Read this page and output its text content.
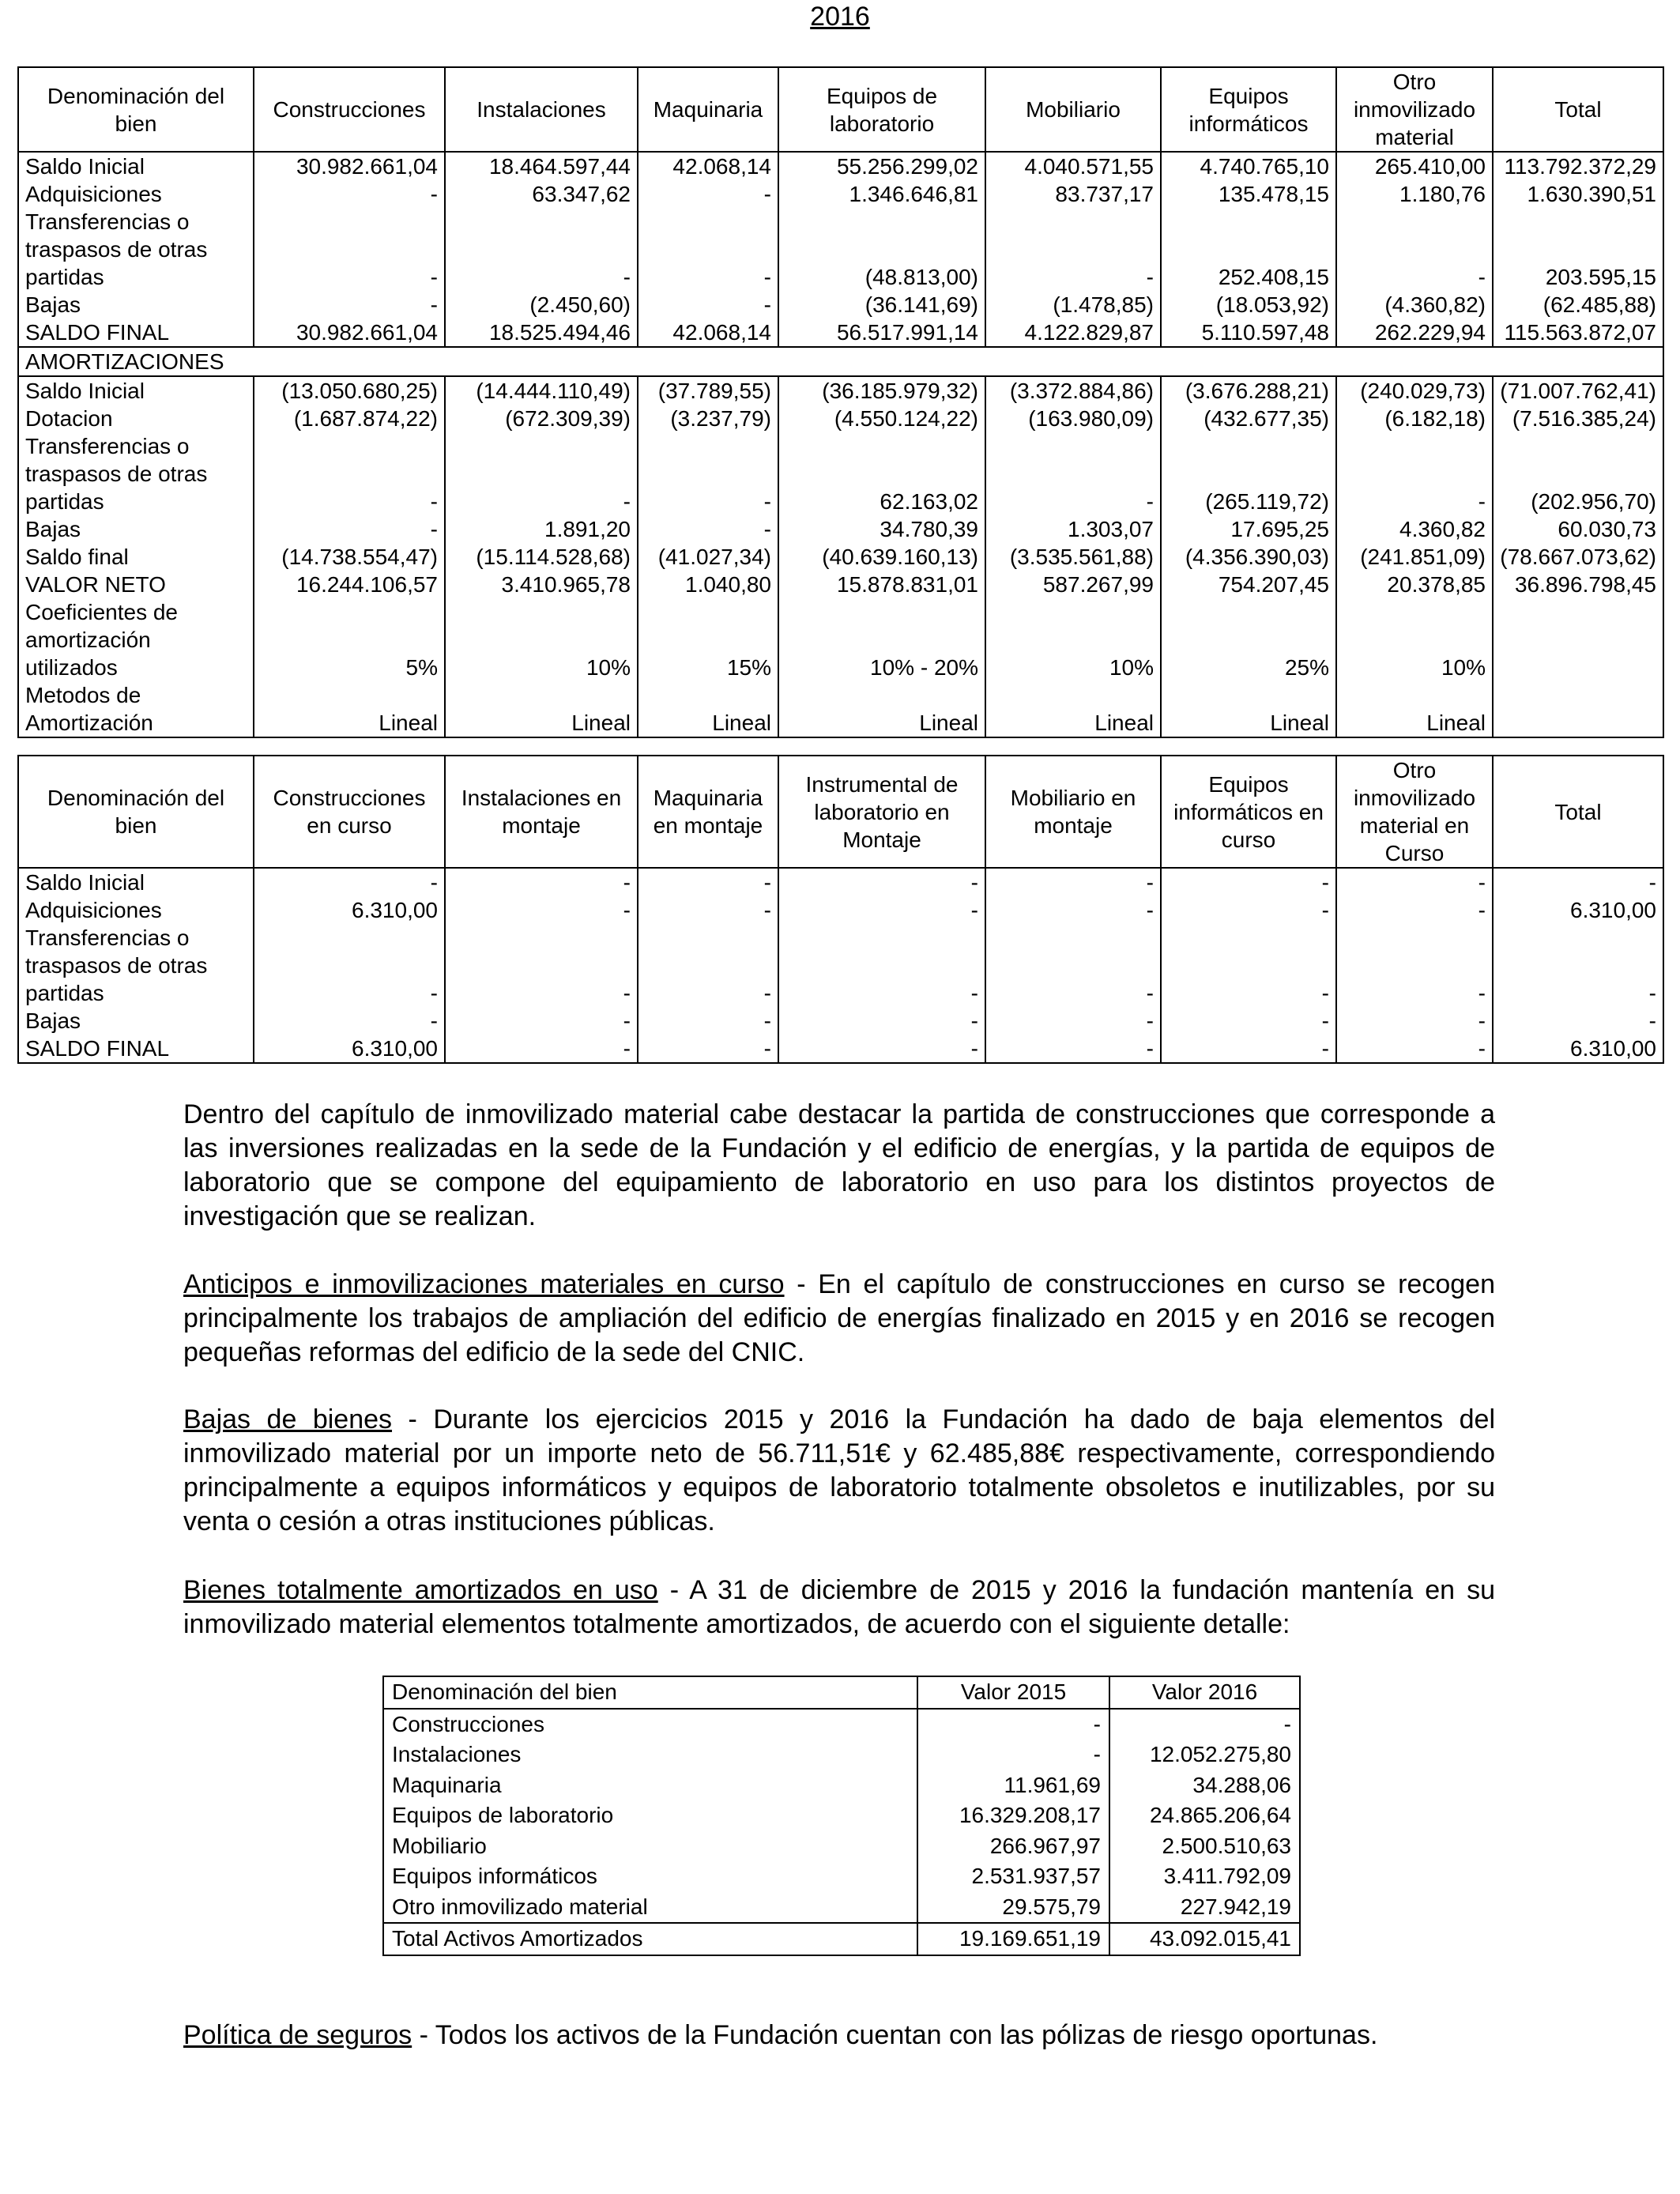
2016
Denominación del bien	Construcciones	Instalaciones	Maquinaria	Equipos de laboratorio	Mobiliario	Equipos informáticos	Otro inmovilizado material	Total
Saldo Inicial	30.982.661,04	18.464.597,44	42.068,14	55.256.299,02	4.040.571,55	4.740.765,10	265.410,00	113.792.372,29
Adquisiciones	-	63.347,62	-	1.346.646,81	83.737,17	135.478,15	1.180,76	1.630.390,51
Transferencias o traspasos de otras partidas	-	-	-	(48.813,00)	-	252.408,15	-	203.595,15
Bajas	-	(2.450,60)	-	(36.141,69)	(1.478,85)	(18.053,92)	(4.360,82)	(62.485,88)
SALDO FINAL	30.982.661,04	18.525.494,46	42.068,14	56.517.991,14	4.122.829,87	5.110.597,48	262.229,94	115.563.872,07
AMORTIZACIONES								
Saldo Inicial	(13.050.680,25)	(14.444.110,49)	(37.789,55)	(36.185.979,32)	(3.372.884,86)	(3.676.288,21)	(240.029,73)	(71.007.762,41)
Dotacion	(1.687.874,22)	(672.309,39)	(3.237,79)	(4.550.124,22)	(163.980,09)	(432.677,35)	(6.182,18)	(7.516.385,24)
Transferencias o traspasos de otras partidas	-	-	-	62.163,02	-	(265.119,72)	-	(202.956,70)
Bajas	-	1.891,20	-	34.780,39	1.303,07	17.695,25	4.360,82	60.030,73
Saldo final	(14.738.554,47)	(15.114.528,68)	(41.027,34)	(40.639.160,13)	(3.535.561,88)	(4.356.390,03)	(241.851,09)	(78.667.073,62)
VALOR NETO	16.244.106,57	3.410.965,78	1.040,80	15.878.831,01	587.267,99	754.207,45	20.378,85	36.896.798,45
Coeficientes de amortización utilizados	5%	10%	15%	10% - 20%	10%	25%	10%	
Metodos de Amortización	Lineal	Lineal	Lineal	Lineal	Lineal	Lineal	Lineal	
Denominación del bien	Construcciones en curso	Instalaciones en montaje	Maquinaria en montaje	Instrumental de laboratorio en Montaje	Mobiliario en montaje	Equipos informáticos en curso	Otro inmovilizado material en Curso	Total
Saldo Inicial	-	-	-	-	-	-	-	-
Adquisiciones	6.310,00	-	-	-	-	-	-	6.310,00
Transferencias o traspasos de otras partidas	-	-	-	-	-	-	-	-
Bajas	-	-	-	-	-	-	-	-
SALDO FINAL	6.310,00	-	-	-	-	-	-	6.310,00

Dentro del capítulo de inmovilizado material cabe destacar la partida de construcciones que corresponde a las inversiones realizadas en la sede de la Fundación y el edificio de energías, y la partida de equipos de laboratorio que se compone del equipamiento de laboratorio en uso para los distintos proyectos de investigación que se realizan.

Anticipos e inmovilizaciones materiales en curso - En el capítulo de construcciones en curso se recogen principalmente los trabajos de ampliación del edificio de energías finalizado en 2015 y en 2016 se recogen pequeñas reformas del edificio de la sede del CNIC.

Bajas de bienes - Durante los ejercicios 2015 y 2016 la Fundación ha dado de baja elementos del inmovilizado material por un importe neto de 56.711,51€ y 62.485,88€ respectivamente, correspondiendo principalmente a equipos informáticos y equipos de laboratorio totalmente obsoletos e inutilizables, por su venta o cesión a otras instituciones públicas.

Bienes totalmente amortizados en uso - A 31 de diciembre de 2015 y 2016 la fundación mantenía en su inmovilizado material elementos totalmente amortizados, de acuerdo con el siguiente detalle:

Denominación del bien	Valor 2015	Valor 2016
Construcciones	-	-
Instalaciones	-	12.052.275,80
Maquinaria	11.961,69	34.288,06
Equipos de laboratorio	16.329.208,17	24.865.206,64
Mobiliario	266.967,97	2.500.510,63
Equipos informáticos	2.531.937,57	3.411.792,09
Otro inmovilizado material	29.575,79	227.942,19
Total Activos Amortizados	19.169.651,19	43.092.015,41

Política de seguros - Todos los activos de la Fundación cuentan con las pólizas de riesgo oportunas.
